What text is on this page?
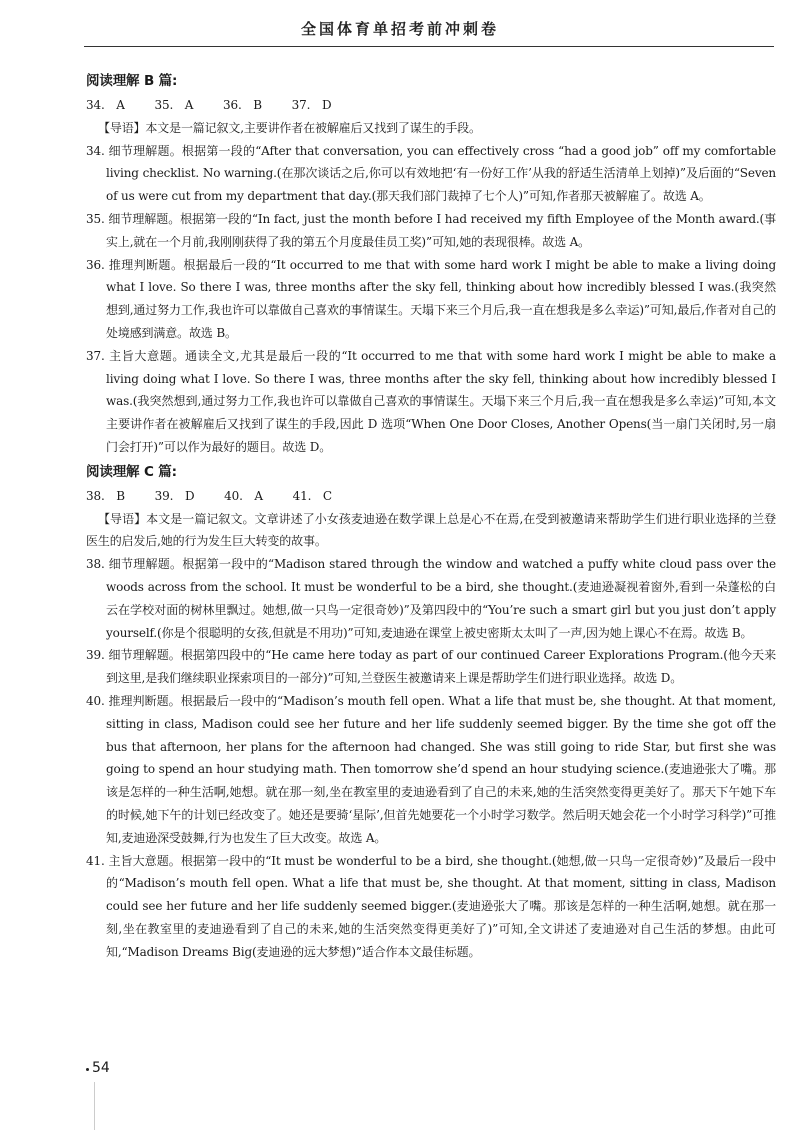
全国体育单招考前冲刺卷

阅读理解 B 篇:

34. A 35. A 36. B 37. D

【导语】本文是一篇记叙文,主要讲作者在被解雇后又找到了谋生的手段。

34. 细节理解题。根据第一段的“After that conversation, you can effectively cross “had a good job” off my comfortable living checklist. No warning.(在那次谈话之后,你可以有效地把‘有一份好工作’从我的舒适生活清单上划掉)”及后面的“Seven of us were cut from my department that day.(那天我们部门裁掉了七个人)”可知,作者那天被解雇了。故选 A。

35. 细节理解题。根据第一段的“In fact, just the month before I had received my fifth Employee of the Month award.(事实上,就在一个月前,我刚刚获得了我的第五个月度最佳员工奖)”可知,她的表现很棒。故选 A。

36. 推理判断题。根据最后一段的“It occurred to me that with some hard work I might be able to make a living doing what I love. So there I was, three months after the sky fell, thinking about how incredibly blessed I was.(我突然想到,通过努力工作,我也许可以靠做自己喜欢的事情谋生。天塌下来三个月后,我一直在想我是多么幸运)”可知,最后,作者对自己的处境感到满意。故选 B。

37. 主旨大意题。通读全文,尤其是最后一段的“It occurred to me that with some hard work I might be able to make a living doing what I love. So there I was, three months after the sky fell, thinking about how incredibly blessed I was.(我突然想到,通过努力工作,我也许可以靠做自己喜欢的事情谋生。天塌下来三个月后,我一直在想我是多么幸运)”可知,本文主要讲作者在被解雇后又找到了谋生的手段,因此 D 选项“When One Door Closes, Another Opens(当一扇门关闭时,另一扇门会打开)”可以作为最好的题目。故选 D。

阅读理解 C 篇:

38. B 39. D 40. A 41. C

【导语】本文是一篇记叙文。文章讲述了小女孩麦迪逊在数学课上总是心不在焉,在受到被邀请来帮助学生们进行职业选择的兰登医生的启发后,她的行为发生巨大转变的故事。

38. 细节理解题。根据第一段中的“Madison stared through the window and watched a puffy white cloud pass over the woods across from the school. It must be wonderful to be a bird, she thought.(麦迪逊凝视着窗外,看到一朵蓬松的白云在学校对面的树林里飘过。她想,做一只鸟一定很奇妙)”及第四段中的“You’re such a smart girl but you just don’t apply yourself.(你是个很聪明的女孩,但就是不用功)”可知,麦迪逊在课堂上被史密斯太太叫了一声,因为她上课心不在焉。故选 B。

39. 细节理解题。根据第四段中的“He came here today as part of our continued Career Explorations Program.(他今天来到这里,是我们继续职业探索项目的一部分)”可知,兰登医生被邀请来上课是帮助学生们进行职业选择。故选 D。

40. 推理判断题。根据最后一段中的“Madison’s mouth fell open. What a life that must be, she thought. At that moment, sitting in class, Madison could see her future and her life suddenly seemed bigger. By the time she got off the bus that afternoon, her plans for the afternoon had changed. She was still going to ride Star, but first she was going to spend an hour studying math. Then tomorrow she’d spend an hour studying science.(麦迪逊张大了嘴。那该是怎样的一种生活啊,她想。就在那一刻,坐在教室里的麦迪逊看到了自己的未来,她的生活突然变得更美好了。那天下午她下车的时候,她下午的计划已经改变了。她还是要骑‘星际’,但首先她要花一个小时学习数学。然后明天她会花一个小时学习科学)”可推知,麦迪逊深受鼓舞,行为也发生了巨大改变。故选 A。

41. 主旨大意题。根据第一段中的“It must be wonderful to be a bird, she thought.(她想,做一只鸟一定很奇妙)”及最后一段中的“Madison’s mouth fell open. What a life that must be, she thought. At that moment, sitting in class, Madison could see her future and her life suddenly seemed bigger.(麦迪逊张大了嘴。那该是怎样的一种生活啊,她想。就在那一刻,坐在教室里的麦迪逊看到了自己的未来,她的生活突然变得更美好了)”可知,全文讲述了麦迪逊对自己生活的梦想。由此可知,“Madison Dreams Big(麦迪逊的远大梦想)”适合作本文最佳标题。

54
